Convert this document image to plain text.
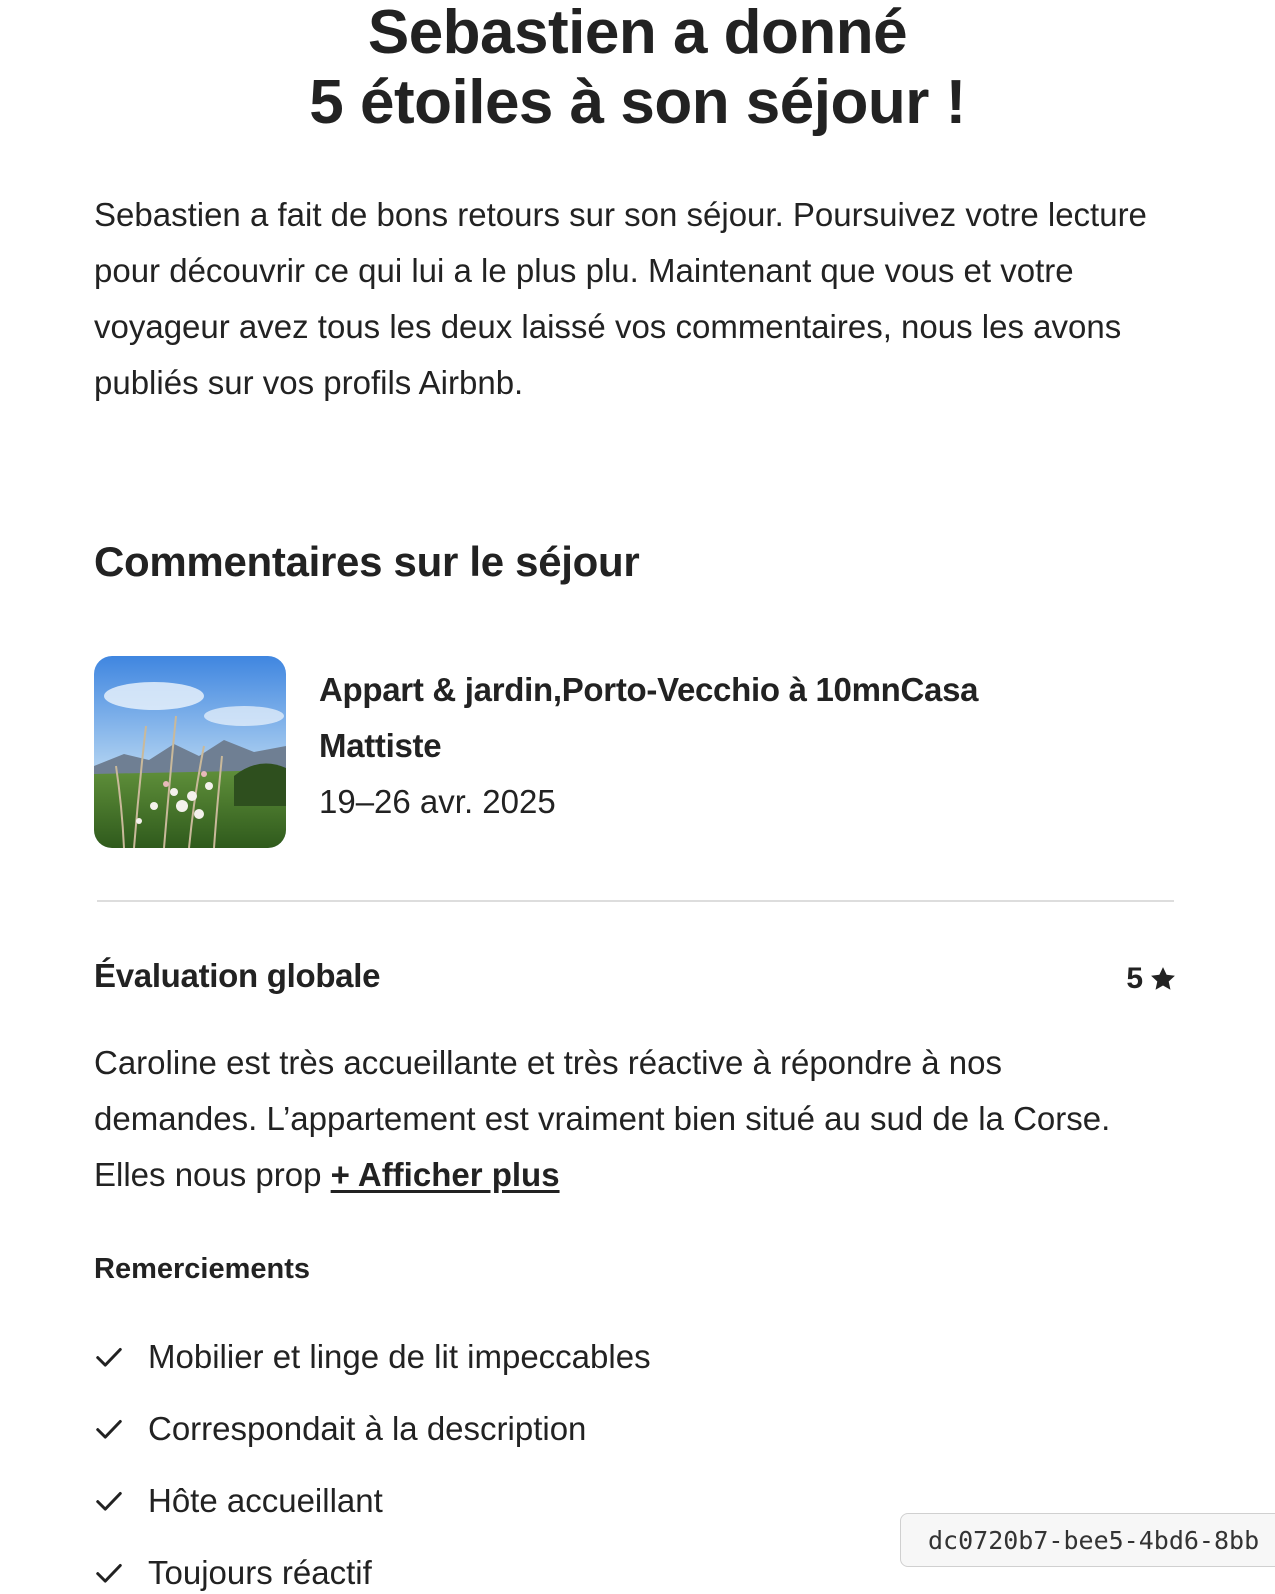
Sebastien a donné
5 étoiles à son séjour !

Sebastien a fait de bons retours sur son séjour. Poursuivez votre lecture pour découvrir ce qui lui a le plus plu. Maintenant que vous et votre voyageur avez tous les deux laissé vos commentaires, nous les avons publiés sur vos profils Airbnb.

Commentaires sur le séjour
Appart & jardin,Porto-Vecchio à 10mnCasa Mattiste
19–26 avr. 2025
Évaluation globale	5

Caroline est très accueillante et très réactive à répondre à nos demandes. L’appartement est vraiment bien situé au sud de la Corse. Elles nous prop + Afficher plus

Remerciements
Mobilier et linge de lit impeccables
Correspondait à la description
Hôte accueillant
Toujours réactif
dc0720b7-bee5-4bd6-8bb
